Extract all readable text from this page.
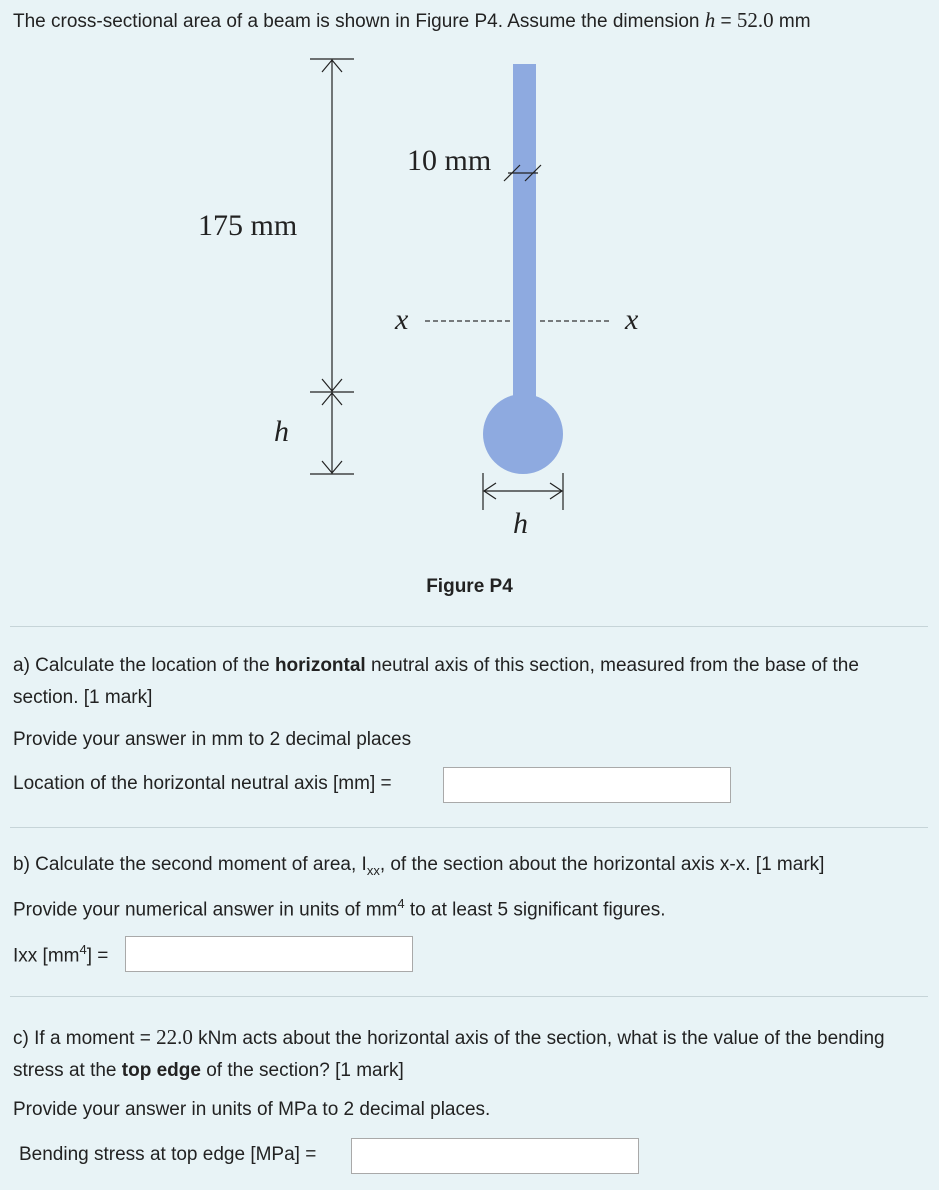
The cross-sectional area of a beam is shown in Figure P4. Assume the dimension h = 52.0 mm
10 mm
175 mm
h
h
x	x
Figure P4
a) Calculate the location of the horizontal neutral axis of this section, measured from the base of the section. [1 mark]
Provide your answer in mm to 2 decimal places
Location of the horizontal neutral axis [mm] =
b) Calculate the second moment of area, $I_{xx}$, of the section about the horizontal axis x-x. [1 mark]
Provide your numerical answer in units of $mm^4$ to at least 5 significant figures.
Ixx $[mm^4]$ =
c) If a moment = 22.0 kNm acts about the horizontal axis of the section, what is the value of the bending stress at the top edge of the section? [1 mark]
Provide your answer in units of MPa to 2 decimal places.
Bending stress at top edge [MPa] =
